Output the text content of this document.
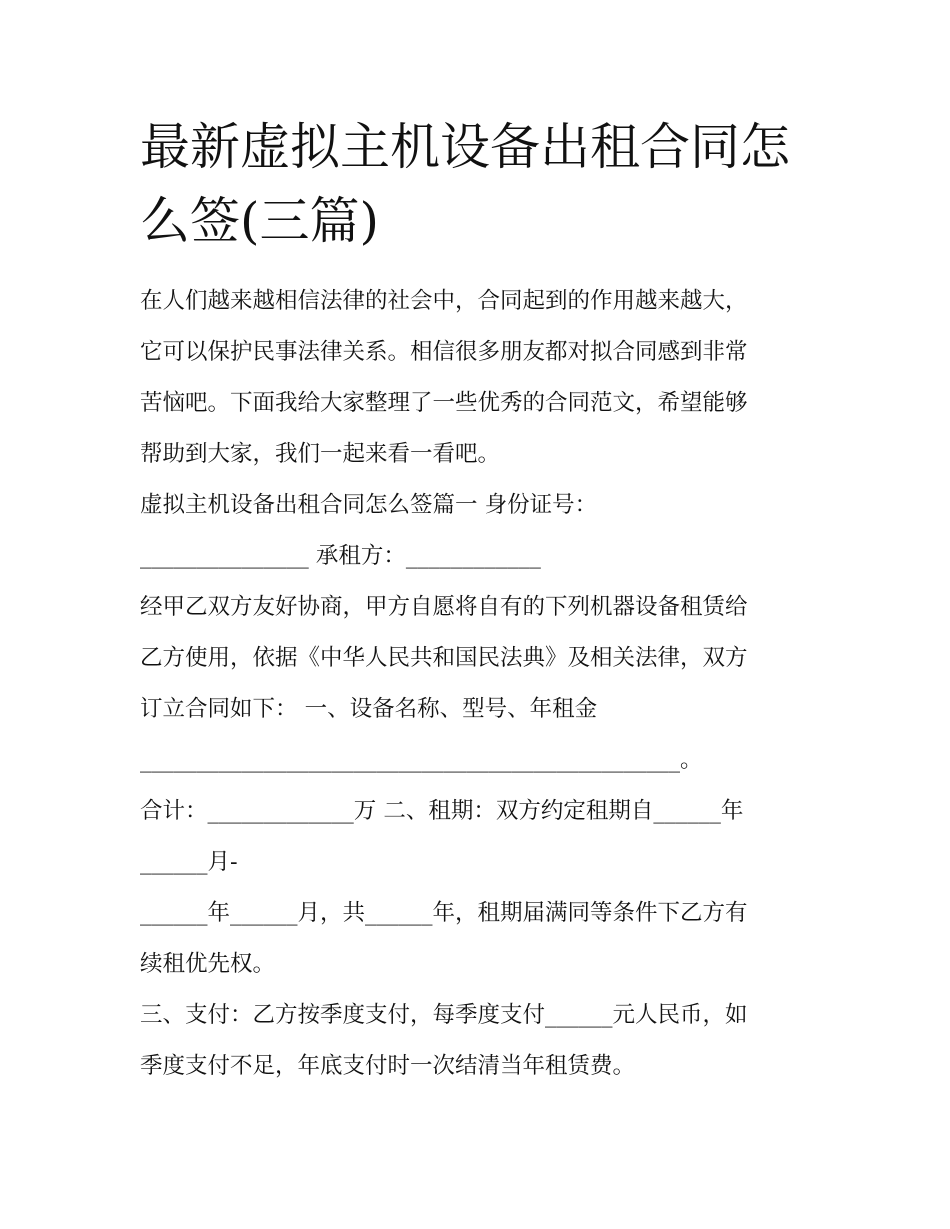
最新虚拟主机设备出租合同怎
么签(三篇)

在人们越来越相信法律的社会中，合同起到的作用越来越大，

它可以保护民事法律关系。相信很多朋友都对拟合同感到非常

苦恼吧。下面我给大家整理了一些优秀的合同范文，希望能够

帮助到大家，我们一起来看一看吧。

虚拟主机设备出租合同怎么签篇一 身份证号：

_______________ 承租方：____________

经甲乙双方友好协商，甲方自愿将自有的下列机器设备租赁给

乙方使用，依据《中华人民共和国民法典》及相关法律，双方

订立合同如下： 一、设备名称、型号、年租金

________________________________________________。

合计：_____________万 二、租期：双方约定租期自______年

______月-

______年______月，共______年，租期届满同等条件下乙方有

续租优先权。

三、支付：乙方按季度支付，每季度支付______元人民币，如

季度支付不足，年底支付时一次结清当年租赁费。
